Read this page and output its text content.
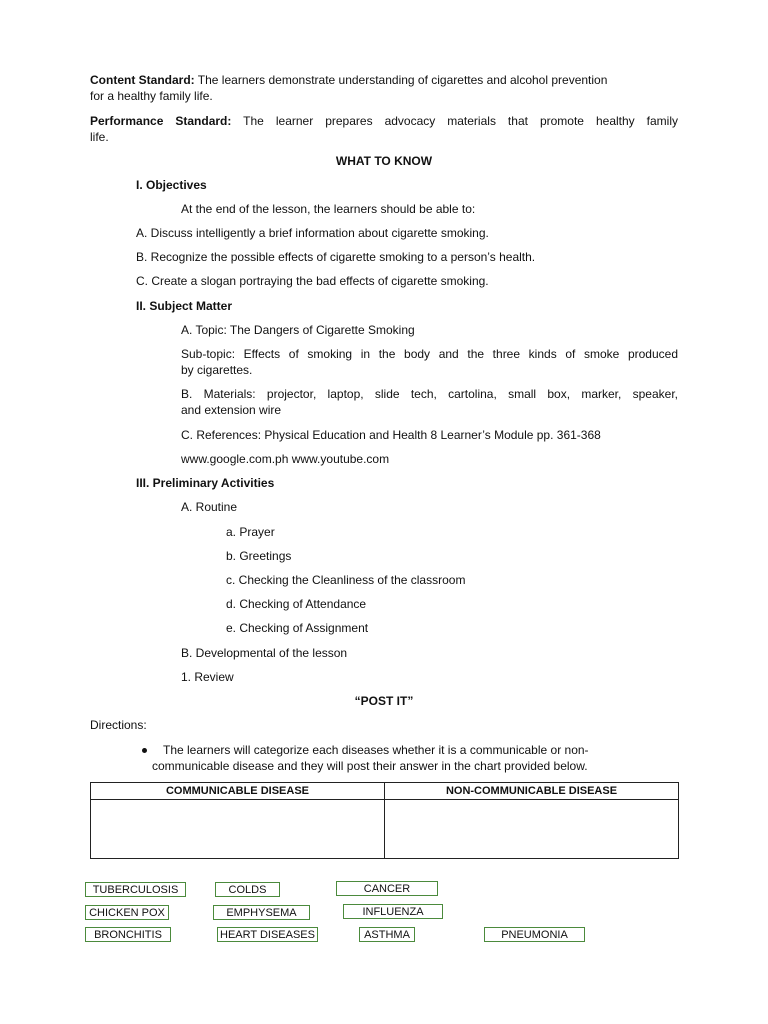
Content Standard: The learners demonstrate understanding of cigarettes and alcohol prevention
for a healthy family life.
Performance Standard: The learner prepares advocacy materials that promote healthy family
life.
WHAT TO KNOW
I. Objectives
At the end of the lesson, the learners should be able to:
A. Discuss intelligently a brief information about cigarette smoking.
B. Recognize the possible effects of cigarette smoking to a person’s health.
C. Create a slogan portraying the bad effects of cigarette smoking.
II. Subject Matter
A. Topic: The Dangers of Cigarette Smoking
Sub-topic: Effects of smoking in the body and the three kinds of smoke produced
by cigarettes.
B. Materials: projector, laptop, slide tech, cartolina, small box, marker, speaker,
and extension wire
C. References: Physical Education and Health 8 Learner’s Module pp. 361-368
www.google.com.ph www.youtube.com
III. Preliminary Activities
A. Routine
a. Prayer
b. Greetings
c. Checking the Cleanliness of the classroom
d. Checking of Attendance
e. Checking of Assignment
B. Developmental of the lesson
1. Review
“POST IT”
Directions:
The learners will categorize each diseases whether it is a communicable or non-
communicable disease and they will post their answer in the chart provided below.
COMMUNICABLE DISEASE	NON-COMMUNICABLE DISEASE

TUBERCULOSIS	COLDS	CANCER
CHICKEN POX	EMPHYSEMA	INFLUENZA
BRONCHITIS	HEART DISEASES	ASTHMA	PNEUMONIA
